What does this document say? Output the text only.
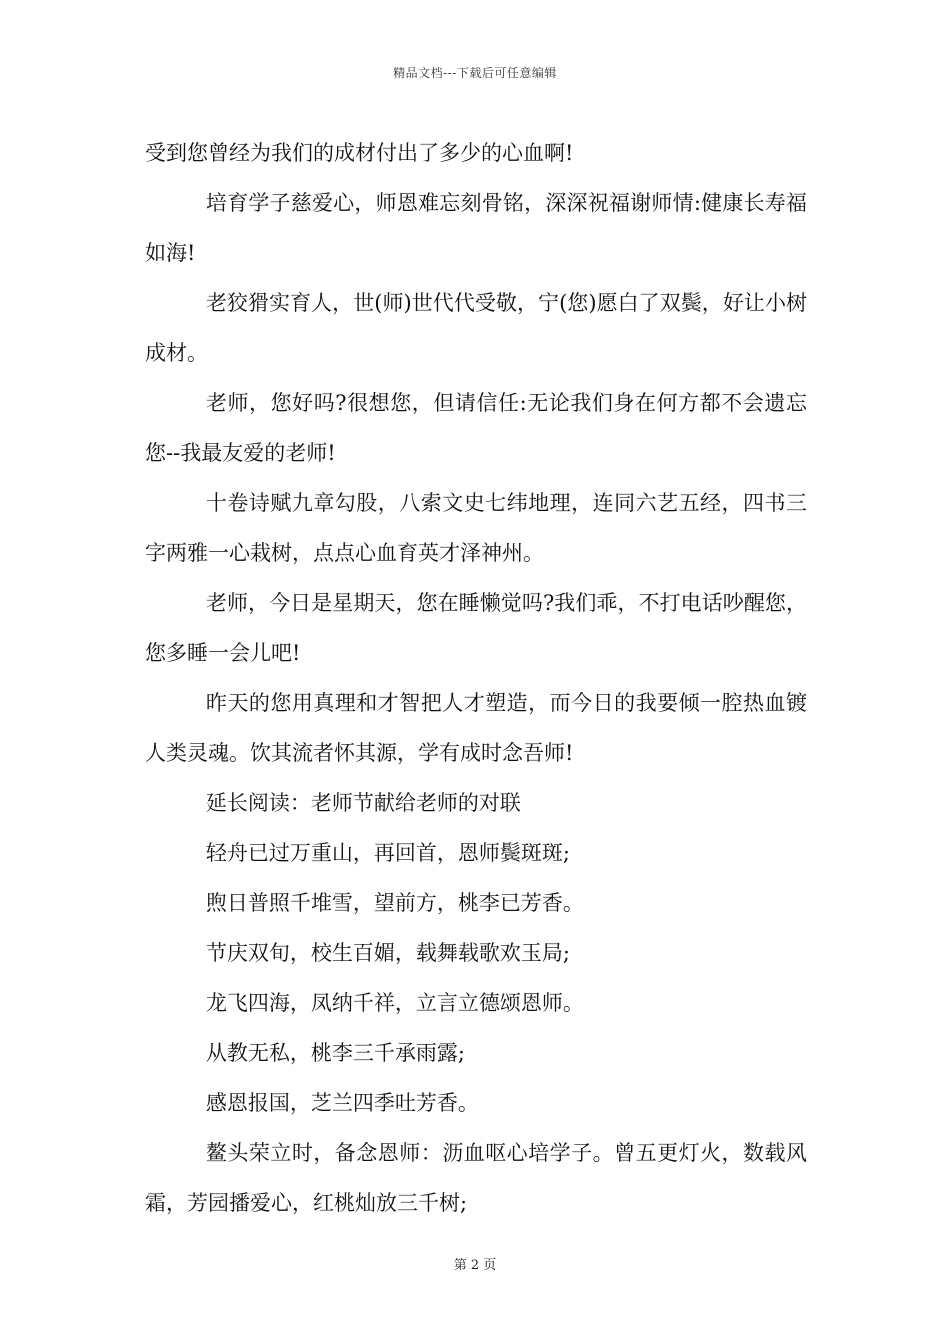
精品文档---下载后可任意编辑

受到您曾经为我们的成材付出了多少的心血啊!

培育学子慈爱心，师恩难忘刻骨铭，深深祝福谢师情:健康长寿福如海!

老狡猾实育人，世(师)世代代受敬，宁(您)愿白了双鬓，好让小树成材。

老师，您好吗?很想您，但请信任:无论我们身在何方都不会遗忘您--我最友爱的老师!

十卷诗赋九章勾股，八索文史七纬地理，连同六艺五经，四书三字两雅一心栽树，点点心血育英才泽神州。

老师，今日是星期天，您在睡懒觉吗?我们乖，不打电话吵醒您，您多睡一会儿吧!

昨天的您用真理和才智把人才塑造，而今日的我要倾一腔热血镀人类灵魂。饮其流者怀其源，学有成时念吾师!

延长阅读：老师节献给老师的对联

轻舟已过万重山，再回首，恩师鬓斑斑;

煦日普照千堆雪，望前方，桃李已芳香。

节庆双旬，校生百媚，载舞载歌欢玉局;

龙飞四海，凤纳千祥，立言立德颂恩师。

从教无私，桃李三千承雨露;

感恩报国，芝兰四季吐芳香。

鳌头荣立时，备念恩师：沥血呕心培学子。曾五更灯火，数载风霜，芳园播爱心，红桃灿放三千树;

第 2 页
